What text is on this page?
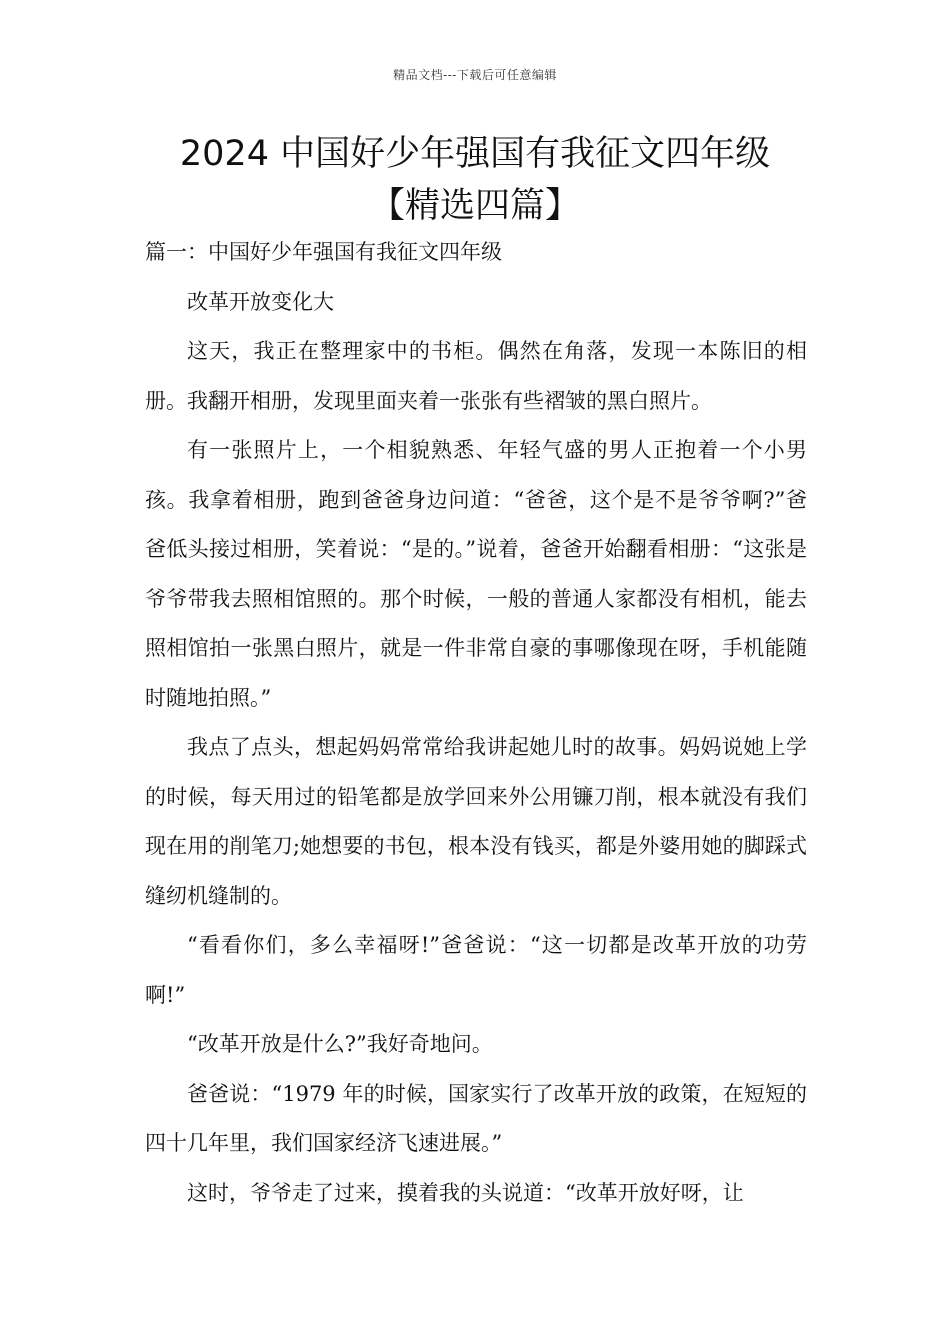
精品文档---下载后可任意编辑
2024 中国好少年强国有我征文四年级
【精选四篇】

篇一：中国好少年强国有我征文四年级

改革开放变化大

这天，我正在整理家中的书柜。偶然在角落，发现一本陈旧的相册。我翻开相册，发现里面夹着一张张有些褶皱的黑白照片。

有一张照片上，一个相貌熟悉、年轻气盛的男人正抱着一个小男孩。我拿着相册，跑到爸爸身边问道：“爸爸，这个是不是爷爷啊?”爸爸低头接过相册，笑着说：“是的。”说着，爸爸开始翻看相册：“这张是爷爷带我去照相馆照的。那个时候，一般的普通人家都没有相机，能去照相馆拍一张黑白照片，就是一件非常自豪的事哪像现在呀，手机能随时随地拍照。”

我点了点头，想起妈妈常常给我讲起她儿时的故事。妈妈说她上学的时候，每天用过的铅笔都是放学回来外公用镰刀削，根本就没有我们现在用的削笔刀;她想要的书包，根本没有钱买，都是外婆用她的脚踩式缝纫机缝制的。

“看看你们，多么幸福呀!”爸爸说：“这一切都是改革开放的功劳啊!”

“改革开放是什么?”我好奇地问。

爸爸说：“1979 年的时候，国家实行了改革开放的政策，在短短的四十几年里，我们国家经济飞速进展。”

这时，爷爷走了过来，摸着我的头说道：“改革开放好呀，让
